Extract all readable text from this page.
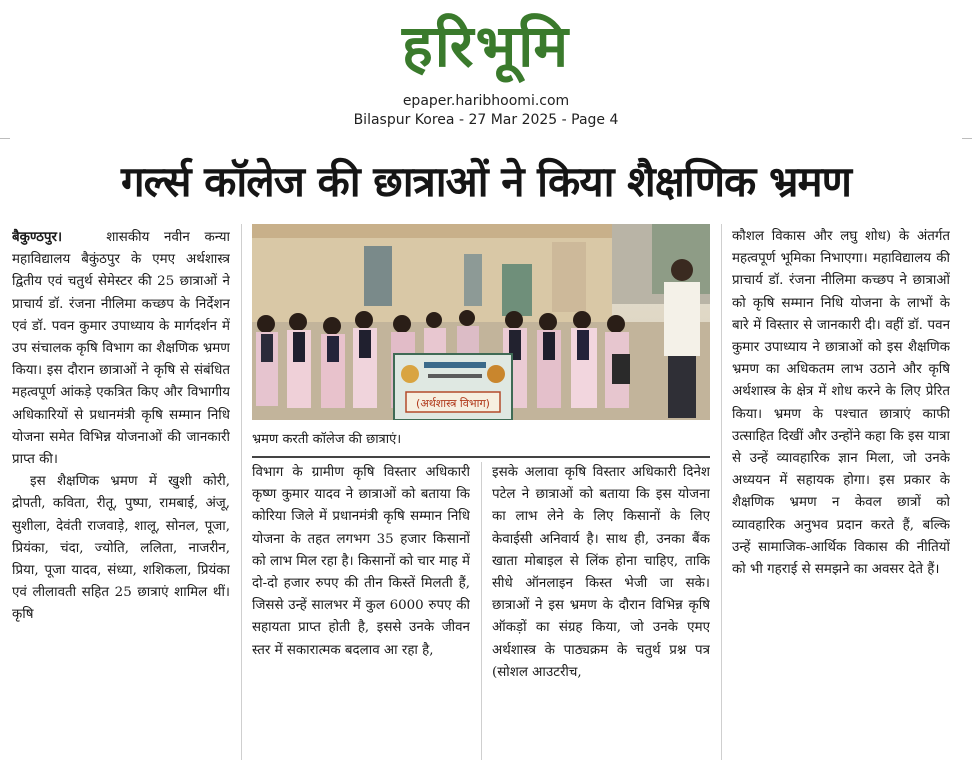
हरिभूमि
epaper.haribhoomi.com
Bilaspur Korea - 27 Mar 2025 - Page 4
गर्ल्स कॉलेज की छात्राओं ने किया शैक्षणिक भ्रमण

बैकुण्ठपुर।	शासकीय नवीन कन्या महाविद्यालय बैकुंठपुर के एमए अर्थशास्त्र द्वितीय एवं चतुर्थ सेमेस्टर की 25 छात्राओं ने प्राचार्य डॉ. रंजना नीलिमा कच्छप के निर्देशन एवं डॉ. पवन कुमार उपाध्याय के मार्गदर्शन में उप संचालक कृषि विभाग का शैक्षणिक भ्रमण किया। इस दौरान छात्राओं ने कृषि से संबंधित महत्वपूर्ण आंकड़े एकत्रित किए और विभागीय अधिकारियों से प्रधानमंत्री कृषि सम्मान निधि योजना समेत विभिन्न योजनाओं की जानकारी प्राप्त की।

इस शैक्षणिक भ्रमण में खुशी कोरी, द्रोपती, कविता, रीतू, पुष्पा, रामबाई, अंजू, सुशीला, देवंती राजवाड़े, शालू, सोनल, पूजा, प्रियंका, चंदा, ज्योति, ललिता, नाजरीन, प्रिया, पूजा यादव, संध्या, शशिकला, प्रियंका एवं लीलावती सहित 25 छात्राएं शामिल थीं। कृषि

(अर्थशास्त्र विभाग)
भ्रमण करती कॉलेज की छात्राएं।

विभाग के ग्रामीण कृषि विस्तार अधिकारी कृष्ण कुमार यादव ने छात्राओं को बताया कि कोरिया जिले में प्रधानमंत्री कृषि सम्मान निधि योजना के तहत लगभग 35 हजार किसानों को लाभ मिल रहा है। किसानों को चार माह में दो-दो हजार रुपए की तीन किस्तें मिलती हैं, जिससे उन्हें सालभर में कुल 6000 रुपए की सहायता प्राप्त होती है, इससे उनके जीवन स्तर में सकारात्मक बदलाव आ रहा है,

इसके अलावा कृषि विस्तार अधिकारी दिनेश पटेल ने छात्राओं को बताया कि इस योजना का लाभ लेने के लिए किसानों के लिए केवाईसी अनिवार्य है। साथ ही, उनका बैंक खाता मोबाइल से लिंक होना चाहिए, ताकि सीधे ऑनलाइन किस्त भेजी जा सके। छात्राओं ने इस भ्रमण के दौरान विभिन्न कृषि ऑकड़ों का संग्रह किया, जो उनके एमए अर्थशास्त्र के पाठ्यक्रम के चतुर्थ प्रश्न पत्र (सोशल आउटरीच,

कौशल विकास और लघु शोध) के अंतर्गत महत्वपूर्ण भूमिका निभाएगा। महाविद्यालय की प्राचार्य डॉ. रंजना नीलिमा कच्छप ने छात्राओं को कृषि सम्मान निधि योजना के लाभों के बारे में विस्तार से जानकारी दी। वहीं डॉ. पवन कुमार उपाध्याय ने छात्राओं को इस शैक्षणिक भ्रमण का अधिकतम लाभ उठाने और कृषि अर्थशास्त्र के क्षेत्र में शोध करने के लिए प्रेरित किया। भ्रमण के पश्चात छात्राएं काफी उत्साहित दिखीं और उन्होंने कहा कि इस यात्रा से उन्हें व्यावहारिक ज्ञान मिला, जो उनके अध्ययन में सहायक होगा। इस प्रकार के शैक्षणिक भ्रमण न केवल छात्रों को व्यावहारिक अनुभव प्रदान करते हैं, बल्कि उन्हें सामाजिक-आर्थिक विकास की नीतियों को भी गहराई से समझने का अवसर देते हैं।
